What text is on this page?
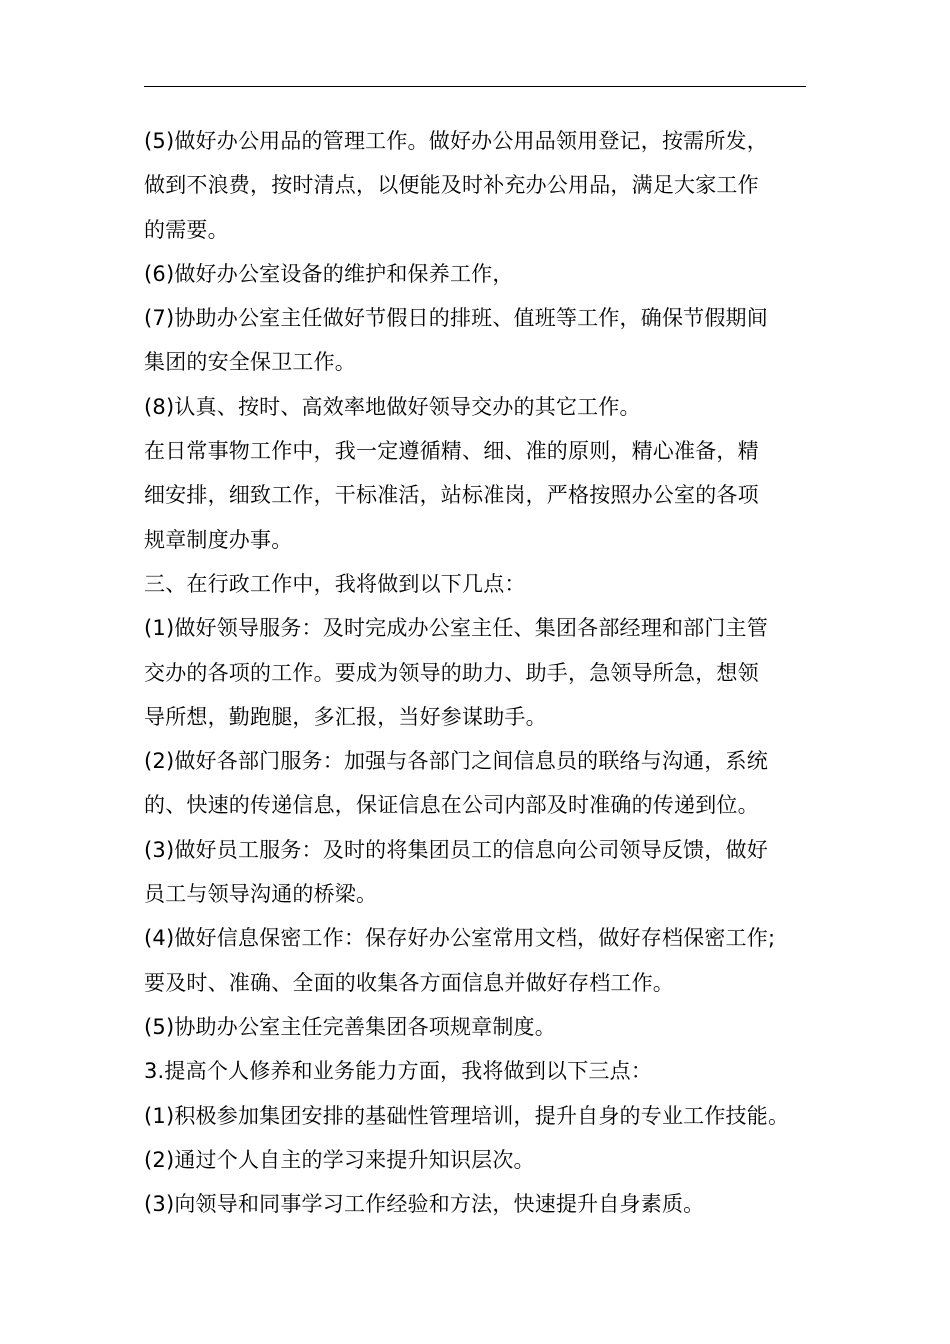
(5)做好办公用品的管理工作。做好办公用品领用登记，按需所发，
做到不浪费，按时清点，以便能及时补充办公用品，满足大家工作
的需要。
(6)做好办公室设备的维护和保养工作，
(7)协助办公室主任做好节假日的排班、值班等工作，确保节假期间
集团的安全保卫工作。
(8)认真、按时、高效率地做好领导交办的其它工作。
在日常事物工作中，我一定遵循精、细、准的原则，精心准备，精
细安排，细致工作，干标准活，站标准岗，严格按照办公室的各项
规章制度办事。
三、在行政工作中，我将做到以下几点：
(1)做好领导服务：及时完成办公室主任、集团各部经理和部门主管
交办的各项的工作。要成为领导的助力、助手，急领导所急，想领
导所想，勤跑腿，多汇报，当好参谋助手。
(2)做好各部门服务：加强与各部门之间信息员的联络与沟通，系统
的、快速的传递信息，保证信息在公司内部及时准确的传递到位。
(3)做好员工服务：及时的将集团员工的信息向公司领导反馈，做好
员工与领导沟通的桥梁。
(4)做好信息保密工作：保存好办公室常用文档，做好存档保密工作;
要及时、准确、全面的收集各方面信息并做好存档工作。
(5)协助办公室主任完善集团各项规章制度。
3.提高个人修养和业务能力方面，我将做到以下三点：
(1)积极参加集团安排的基础性管理培训，提升自身的专业工作技能。
(2)通过个人自主的学习来提升知识层次。
(3)向领导和同事学习工作经验和方法，快速提升自身素质。
